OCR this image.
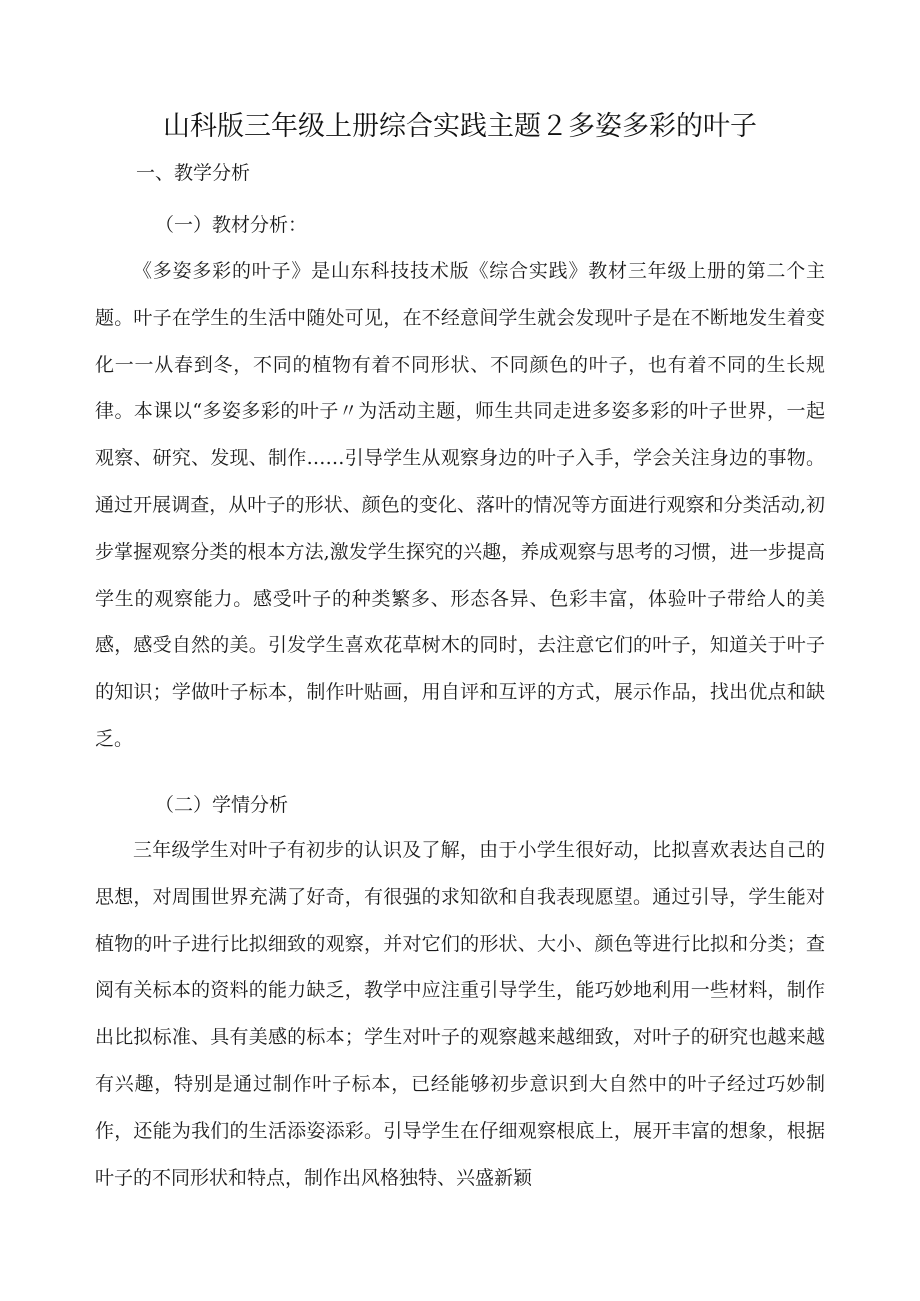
山科版三年级上册综合实践主题２多姿多彩的叶子
一、教学分析
（一）教材分析：

《多姿多彩的叶子》是山东科技技术版《综合实践》教材三年级上册的第二个主题。叶子在学生的生活中随处可见，在不经意间学生就会发现叶子是在不断地发生着变化一一从春到冬，不同的植物有着不同形状、不同颜色的叶子，也有着不同的生长规律。本课以“多姿多彩的叶子〃为活动主题，师生共同走进多姿多彩的叶子世界，一起观察、研究、发现、制作……引导学生从观察身边的叶子入手，学会关注身边的事物。通过开展调查，从叶子的形状、颜色的变化、落叶的情况等方面进行观察和分类活动,初步掌握观察分类的根本方法,激发学生探究的兴趣，养成观察与思考的习惯，进一步提高学生的观察能力。感受叶子的种类繁多、形态各异、色彩丰富，体验叶子带给人的美感，感受自然的美。引发学生喜欢花草树木的同时，去注意它们的叶子，知道关于叶子的知识；学做叶子标本，制作叶贴画，用自评和互评的方式，展示作品，找出优点和缺乏。

（二）学情分析

三年级学生对叶子有初步的认识及了解，由于小学生很好动，比拟喜欢表达自己的思想，对周围世界充满了好奇，有很强的求知欲和自我表现愿望。通过引导，学生能对植物的叶子进行比拟细致的观察，并对它们的形状、大小、颜色等进行比拟和分类；查阅有关标本的资料的能力缺乏，教学中应注重引导学生，能巧妙地利用一些材料，制作出比拟标准、具有美感的标本；学生对叶子的观察越来越细致，对叶子的研究也越来越有兴趣，特别是通过制作叶子标本，已经能够初步意识到大自然中的叶子经过巧妙制作，还能为我们的生活添姿添彩。引导学生在仔细观察根底上，展开丰富的想象，根据叶子的不同形状和特点，制作出风格独特、兴盛新颖
